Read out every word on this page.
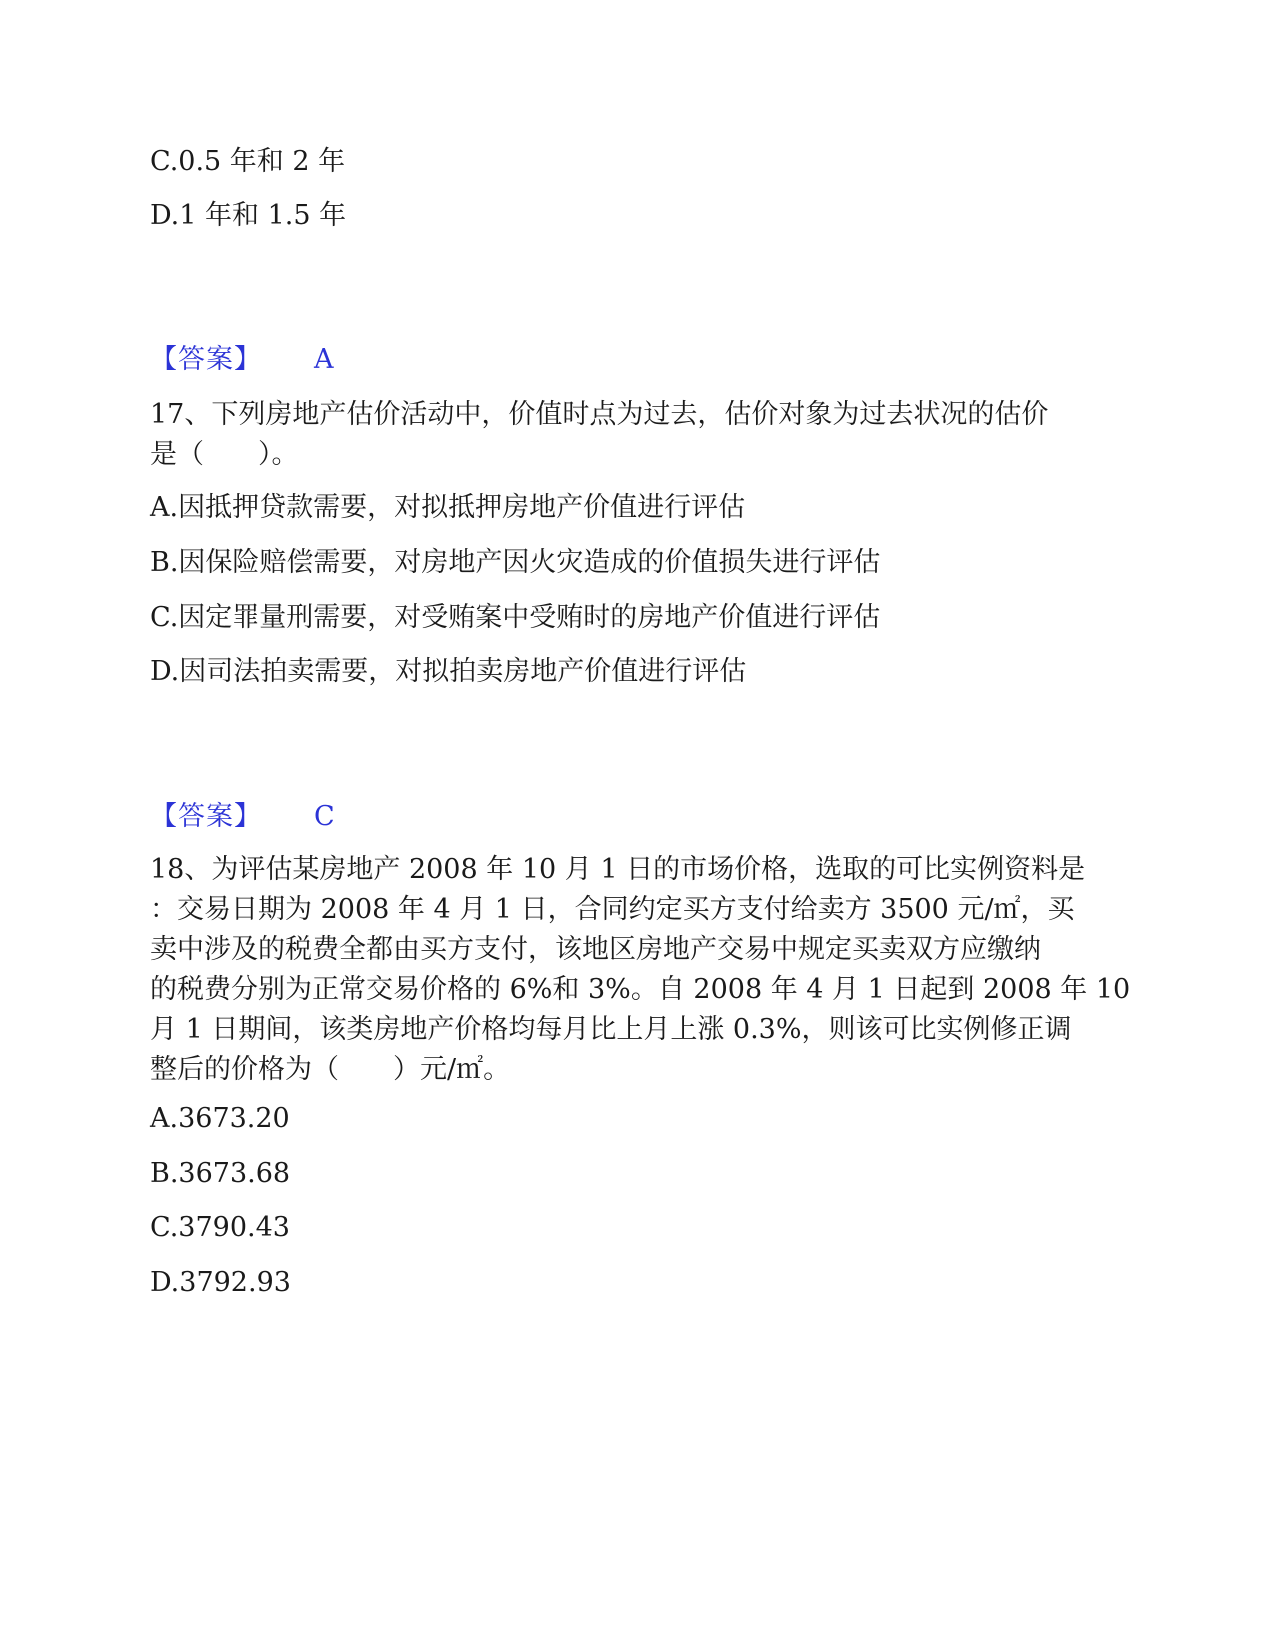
C.0.5 年和 2 年
D.1 年和 1.5 年
【答案】 A
17、下列房地产估价活动中，价值时点为过去，估价对象为过去状况的估价
是（　　）。
A.因抵押贷款需要，对拟抵押房地产价值进行评估
B.因保险赔偿需要，对房地产因火灾造成的价值损失进行评估
C.因定罪量刑需要，对受贿案中受贿时的房地产价值进行评估
D.因司法拍卖需要，对拟拍卖房地产价值进行评估
【答案】 C
18、为评估某房地产 2008 年 10 月 1 日的市场价格，选取的可比实例资料是
：交易日期为 2008 年 4 月 1 日，合同约定买方支付给卖方 3500 元/㎡，买
卖中涉及的税费全都由买方支付，该地区房地产交易中规定买卖双方应缴纳
的税费分别为正常交易价格的 6%和 3%。自 2008 年 4 月 1 日起到 2008 年 10
月 1 日期间，该类房地产价格均每月比上月上涨 0.3%，则该可比实例修正调
整后的价格为（　　）元/㎡。
A.3673.20
B.3673.68
C.3790.43
D.3792.93
